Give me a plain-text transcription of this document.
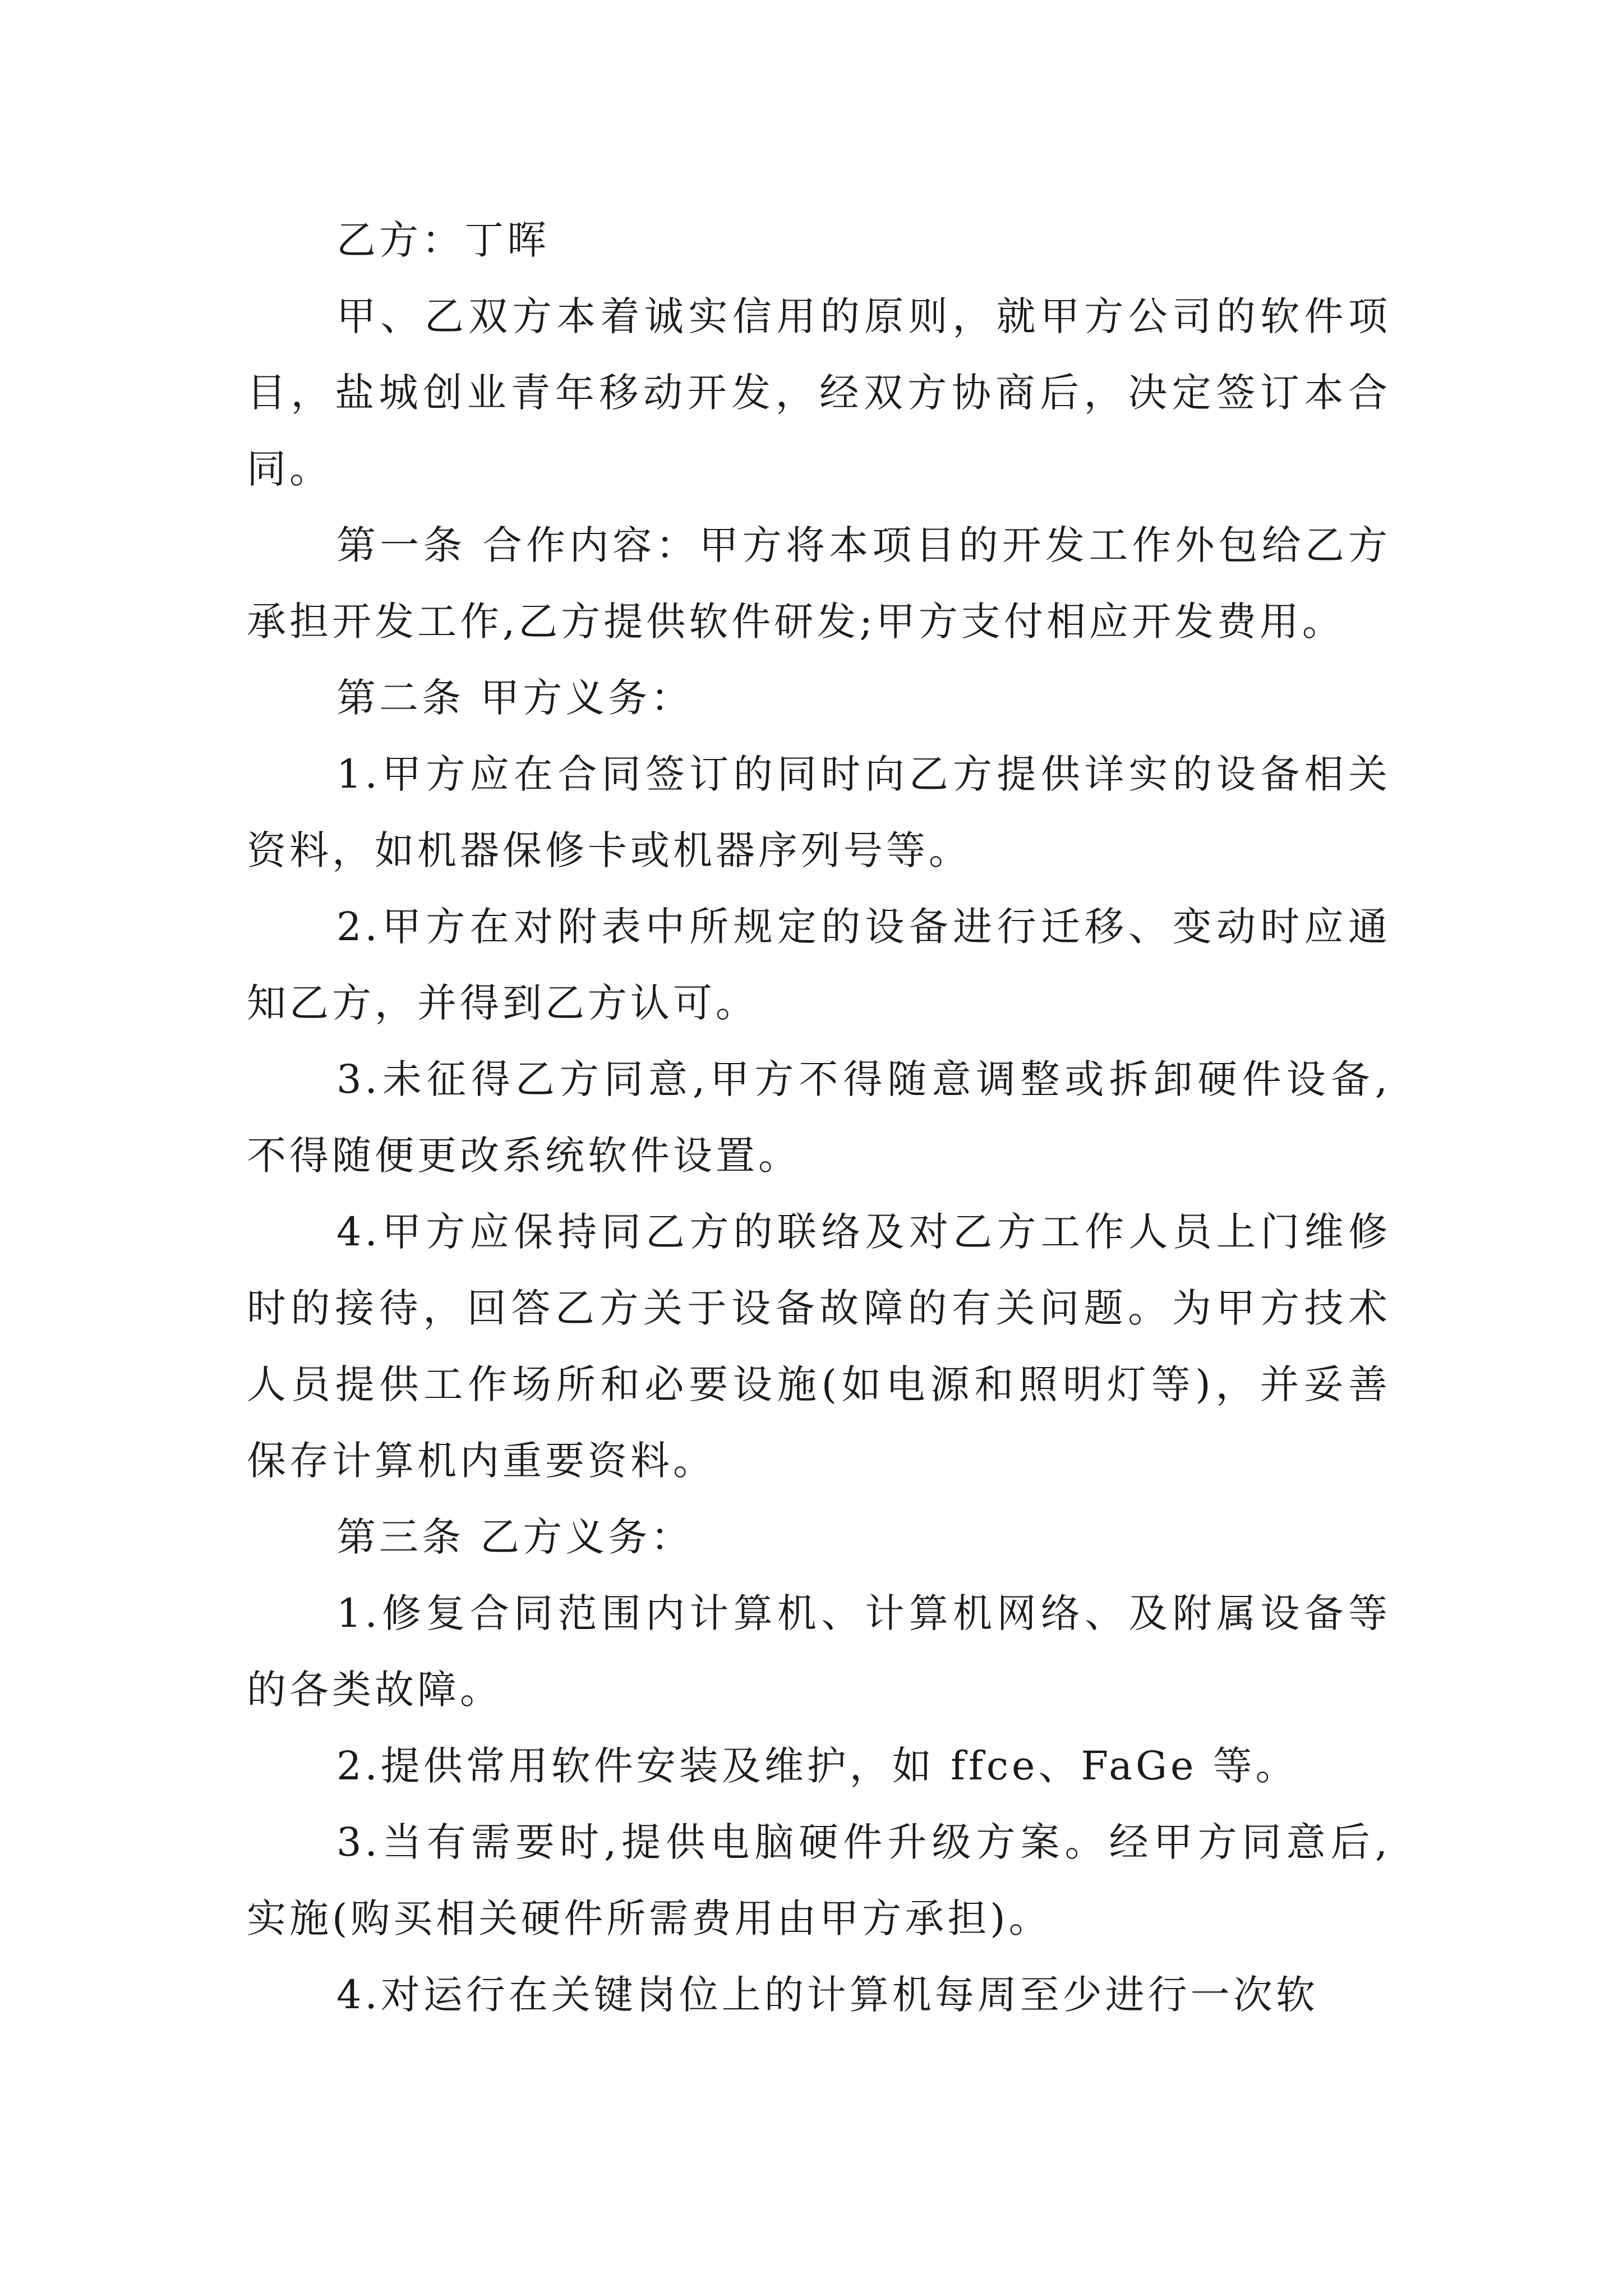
乙方：丁晖

甲、乙双方本着诚实信用的原则，就甲方公司的软件项目，盐城创业青年移动开发，经双方协商后，决定签订本合同。

第一条 合作内容：甲方将本项目的开发工作外包给乙方承担开发工作,乙方提供软件研发;甲方支付相应开发费用。

第二条 甲方义务：

1.甲方应在合同签订的同时向乙方提供详实的设备相关资料，如机器保修卡或机器序列号等。

2.甲方在对附表中所规定的设备进行迁移、变动时应通知乙方，并得到乙方认可。

3.未征得乙方同意,甲方不得随意调整或拆卸硬件设备,不得随便更改系统软件设置。

4.甲方应保持同乙方的联络及对乙方工作人员上门维修时的接待，回答乙方关于设备故障的有关问题。为甲方技术人员提供工作场所和必要设施(如电源和照明灯等)，并妥善保存计算机内重要资料。

第三条 乙方义务：

1.修复合同范围内计算机、计算机网络、及附属设备等的各类故障。

2.提供常用软件安装及维护，如 ffce、FaGe 等。

3.当有需要时,提供电脑硬件升级方案。经甲方同意后,实施(购买相关硬件所需费用由甲方承担)。

4.对运行在关键岗位上的计算机每周至少进行一次软
